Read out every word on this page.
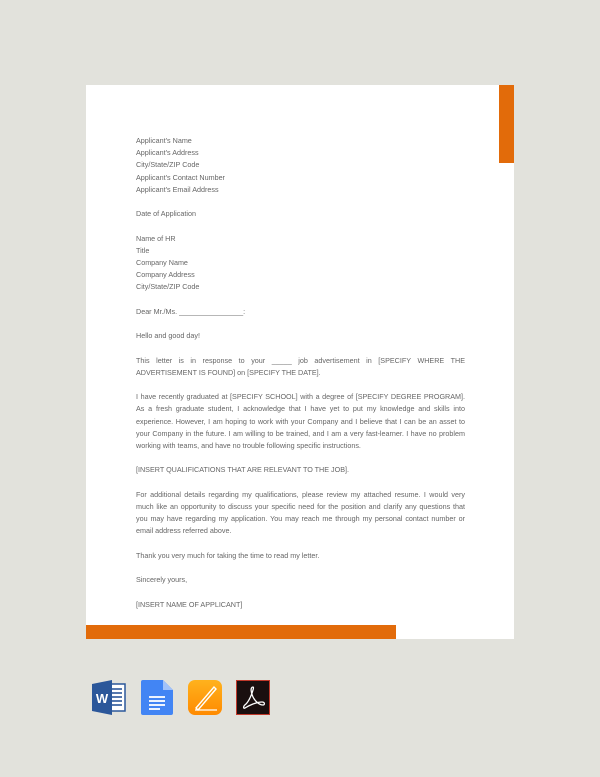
Applicant’s Name

Applicant’s Address

City/State/ZIP Code

Applicant’s Contact Number

Applicant’s Email Address

Date of Application

Name of HR

Title

Company Name

Company Address

City/State/ZIP Code

Dear Mr./Ms. ________________:

Hello and good day!

This letter is in response to your _____ job advertisement in [SPECIFY WHERE THE ADVERTISEMENT IS FOUND] on [SPECIFY THE DATE].

I have recently graduated at [SPECIFY SCHOOL] with a degree of [SPECIFY DEGREE PROGRAM]. As a fresh graduate student, I acknowledge that I have yet to put my knowledge and skills into experience. However, I am hoping to work with your Company and I believe that I can be an asset to your Company in the future. I am willing to be trained, and I am a very fast-learner. I have no problem working with teams, and have no trouble following specific instructions.

[INSERT QUALIFICATIONS THAT ARE RELEVANT TO THE JOB].

For additional details regarding my qualifications, please review my attached resume. I would very much like an opportunity to discuss your specific need for the position and clarify any questions that you may have regarding my application. You may reach me through my personal contact number or email address referred above.

Thank you very much for taking the time to read my letter.

Sincerely yours,

[INSERT NAME OF APPLICANT]

W
